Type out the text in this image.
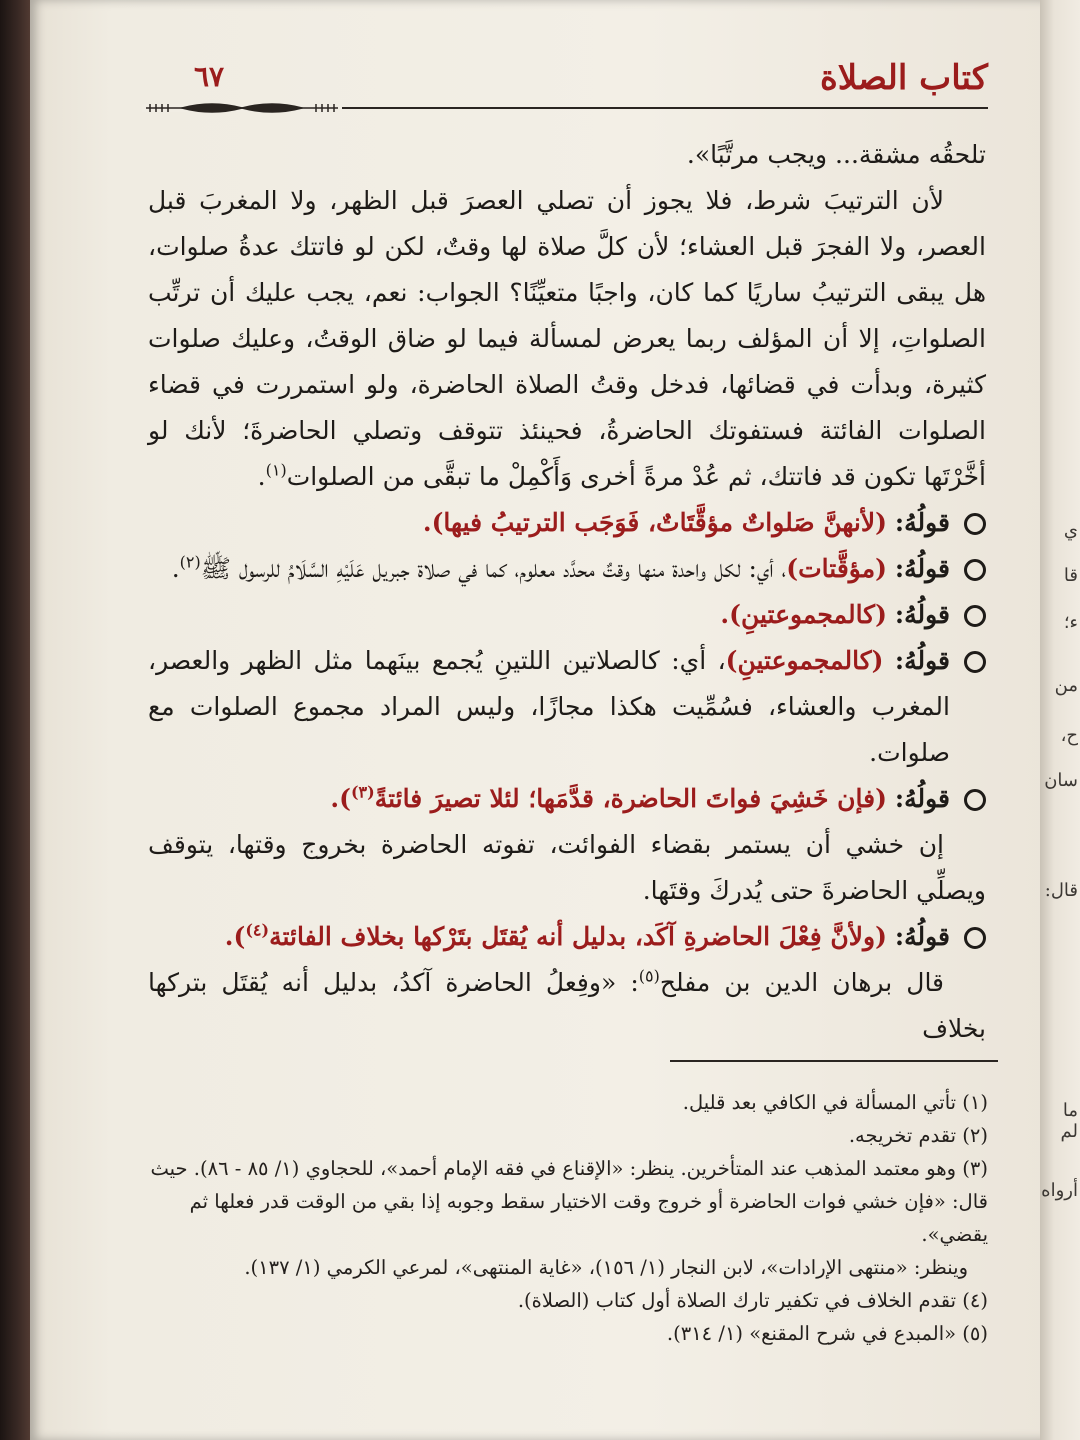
كتاب الصلاة
٦٧

تلحقُه مشقة... ويجب مرتَّبًا».

لأن الترتيبَ شرط، فلا يجوز أن تصلي العصرَ قبل الظهر، ولا المغربَ قبل العصر، ولا الفجرَ قبل العشاء؛ لأن كلَّ صلاة لها وقتٌ، لكن لو فاتتك عدةُ صلوات، هل يبقى الترتيبُ ساريًا كما كان، واجبًا متعيِّنًا؟ الجواب: نعم، يجب عليك أن ترتِّب الصلواتِ، إلا أن المؤلف ربما يعرض لمسألة فيما لو ضاق الوقتُ، وعليك صلوات كثيرة، وبدأت في قضائها، فدخل وقتُ الصلاة الحاضرة، ولو استمررت في قضاء الصلوات الفائتة فستفوتك الحاضرةُ، فحينئذ تتوقف وتصلي الحاضرةَ؛ لأنك لو أخَّرْتَها تكون قد فاتتك، ثم عُدْ مرةً أخرى وَأَكْمِلْ ما تبقَّى من الصلوات$^{(١)}$.

قولُهُ: (لأنهنَّ صَلواتٌ مؤقَّتَاتٌ، فَوَجَب الترتيبُ فيها).

قولُهُ: (مؤقَّتات)، أي: لكل واحدة منها وقتٌ محدَّد معلوم، كما في صلاة جبريل عَلَيْهِ السَّلَامُ للرسول ﷺ$^{(٢)}$.

قولُهُ: (كالمجموعتينِ).

قولُهُ: (كالمجموعتينِ)، أي: كالصلاتين اللتينِ يُجمع بينَهما مثل الظهر والعصر، المغرب والعشاء، فسُمِّيت هكذا مجازًا، وليس المراد مجموع الصلوات مع صلوات.

قولُهُ: (فإن خَشِيَ فواتَ الحاضرة، قدَّمَها؛ لئلا تصيرَ فائتةً$^{(٣)}$).

إن خشي أن يستمر بقضاء الفوائت، تفوته الحاضرة بخروج وقتها، يتوقف ويصلِّي الحاضرةَ حتى يُدركَ وقتَها.

قولُهُ: (ولأنَّ فِعْلَ الحاضرةِ آكَد، بدليل أنه يُقتَل بتَرْكها بخلاف الفائتة$^{(٤)}$).

قال برهان الدين بن مفلح$^{(٥)}$: «وفِعلُ الحاضرة آكدُ، بدليل أنه يُقتَل بتركها بخلاف

(١) تأتي المسألة في الكافي بعد قليل.

(٢) تقدم تخريجه.

(٣) وهو معتمد المذهب عند المتأخرين. ينظر: «الإقناع في فقه الإمام أحمد»، للحجاوي (١/ ٨٥ - ٨٦). حيث قال: «فإن خشي فوات الحاضرة أو خروج وقت الاختيار سقط وجوبه إذا بقي من الوقت قدر فعلها ثم يقضي».

وينظر: «منتهى الإرادات»، لابن النجار (١/ ١٥٦)، «غاية المنتهى»، لمرعي الكرمي (١/ ١٣٧).

(٤) تقدم الخلاف في تكفير تارك الصلاة أول كتاب (الصلاة).

(٥) «المبدع في شرح المقنع» (١/ ٣١٤).

ي
قا
ء؛
من
ح،
سان
قال:
ما لم
أرواه
